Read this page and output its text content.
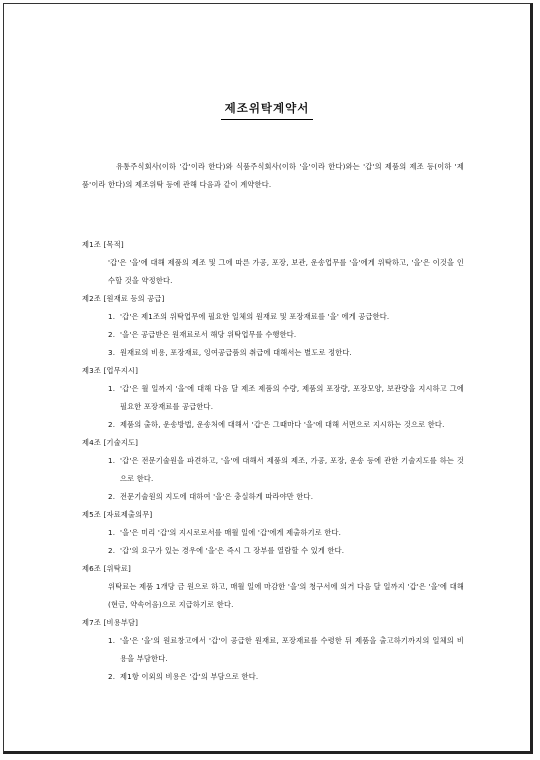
제조위탁계약서
유통주식회사(이하 '갑'이라 한다)와 식품주식회사(이하 '을'이라 한다)와는 '갑'의 제품의 제조 등(이하 '제품'이라 한다)의 제조위탁 등에 관해 다음과 같이 계약한다.
제1조 [목적]
'갑'은 '을'에 대해 제품의 제조 및 그에 따른 가공, 포장, 보관, 운송업무를 '을'에게 위탁하고, '을'은 이것을 인수할 것을 약정한다.
제2조 [원재료 등의 공급]
1. '갑'은 제1조의 위탁업무에 필요한 일체의 원재료 및 포장재료를 '을' 에게 공급한다.
2. '을'은 공급받은 원재료로서 해당 위탁업무를 수행한다.
3. 원재료의 비용, 포장재료, 잉여공급품의 취급에 대해서는 별도로 정한다.
제3조 [업무지시]
1. '갑'은 월 일까지 '을'에 대해 다음 달 제조 제품의 수량, 제품의 포장량, 포장모양, 보관량을 지시하고 그에 필요한 포장재료를 공급한다.
2. 제품의 출하, 운송방법, 운송처에 대해서 '갑'은 그때마다 '을'에 대해 서면으로 지시하는 것으로 한다.
제4조 [기술지도]
1. '갑'은 전문기술원을 파견하고, '을'에 대해서 제품의 제조, 가공, 포장, 운송 등에 관한 기술지도를 하는 것으로 한다.
2. 전문기술원의 지도에 대하여 '을'은 충실하게 따라야만 한다.
제5조 [자료제출의무]
1. '을'은 미리 '갑'의 지시로로서를 매월 일에 '갑'에게 제출하기로 한다.
2. '갑'의 요구가 있는 경우에 '을'은 즉시 그 장부를 열람할 수 있게 한다.
제6조 [위탁료]
위탁료는 제품 1개당 금 원으로 하고, 매월 일에 마감한 '을'의 청구서에 의거 다음 달 일까지 '갑'은 '을'에 대해 (현금, 약속어음)으로 지급하기로 한다.
제7조 [비용부담]
1. '을'은 '을'의 원료창고에서 '갑'이 공급한 원재료, 포장재료를 수령한 뒤 제품을 출고하기까지의 일체의 비용을 부담한다.
2. 제1항 이외의 비용은 '갑'의 부담으로 한다.
